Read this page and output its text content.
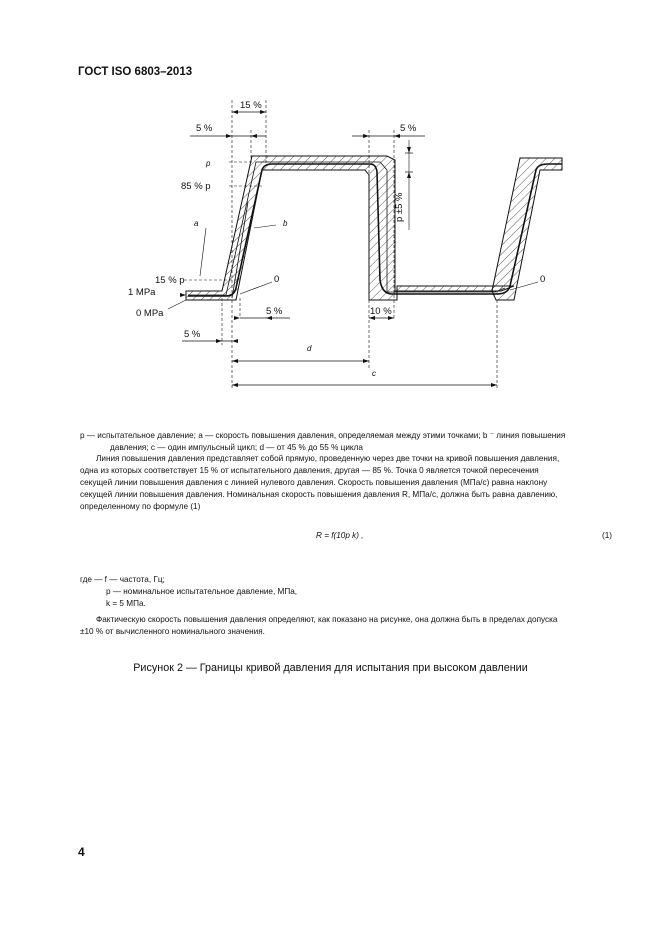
ГОСТ ISO 6803–2013
15 %
5 %	5 %
p
85 % p
a	b
15 % p
1 MPa
0 MPa
0	0
p ±5 %
5 %	10 %
5 %
d
c

p — испытательное давление; a — скорость повышения давления, определяемая между этими точками; b ⁻ линия повышения

давления; c — один импульсный цикл; d — от 45 % до 55 % цикла

Линия повышения давления представляет собой прямую, проведенную через две точки на кривой повышения давления,

одна из которых соответствует 15 % от испытательного давления, другая — 85 %. Точка 0 является точкой пересечения

секущей линии повышения давления с линией нулевого давления. Скорость повышения давления (МПа/с) равна наклону

секущей линии повышения давления. Номинальная скорость повышения давления R, МПа/с, должна быть равна давлению,

определенному по формуле (1)

R = f(10p k) ,	(1)

где — f — частота, Гц;

p — номинальное испытательное давление, МПа,

k = 5 МПа.

Фактическую скорость повышения давления определяют, как показано на рисунке, она должна быть в пределах допуска

±10 % от вычисленного номинального значения.

Рисунок 2 — Границы кривой давления для испытания при высоком давлении
4
